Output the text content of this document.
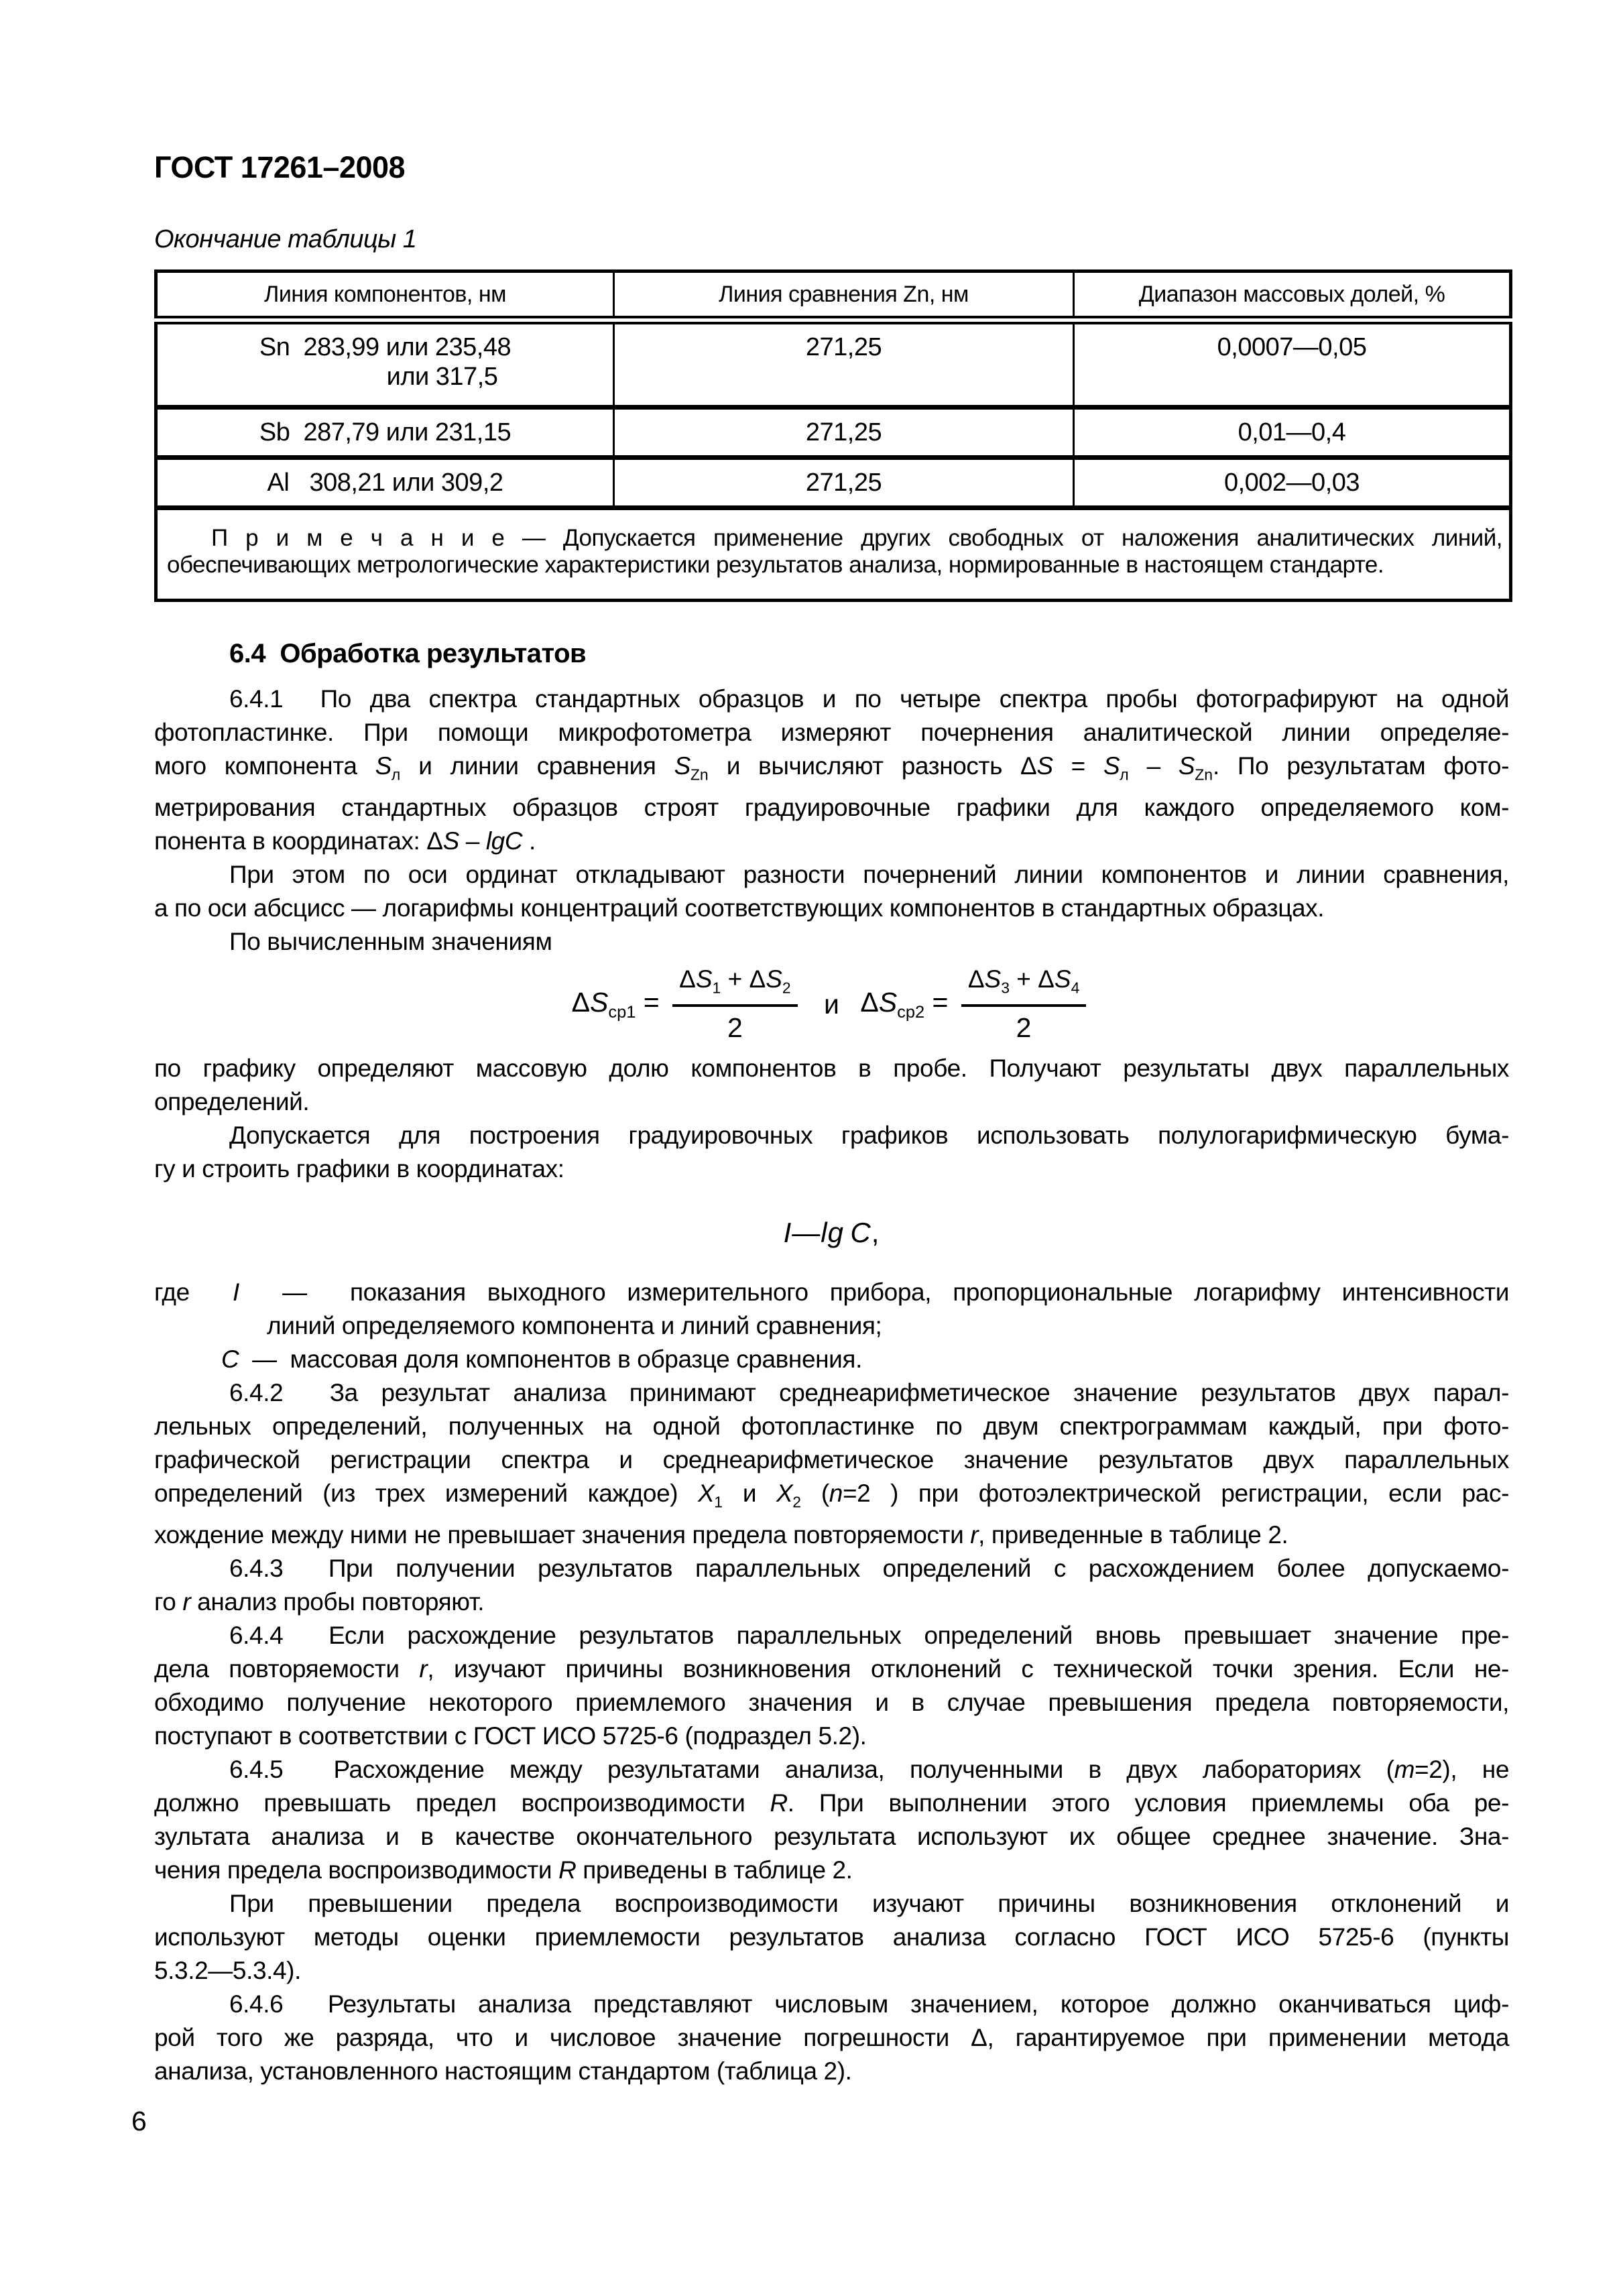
ГОСТ 17261–2008
Окончание таблицы 1
Линия компонентов, нм	Линия сравнения Zn, нм	Диапазон массовых долей, %

Sn  283,99 или 235,48
или 317,5	271,25	0,0007—0,05
Sb  287,79 или 231,15	271,25	0,01—0,4
Al   308,21 или 309,2	271,25	0,002—0,03

П р и м е ч а н и е — Допускается применение других свободных от наложения аналитических линий,
обеспечивающих метрологические характеристики результатов анализа, нормированные в настоящем стандарте.		
6.4  Обработка результатов
6.4.1  По два спектра стандартных образцов и по четыре спектра пробы фотографируют на одной
фотопластинке. При помощи микрофотометра измеряют почернения аналитической линии определяе-
мого компонента $S_л$ и линии сравнения $S_{Zn}$ и вычисляют разность $\Delta S = S_л - S_{Zn}$. По результатам фото-
метрирования стандартных образцов строят градуировочные графики для каждого определяемого ком-
понента в координатах: ΔS – lgC .
При этом по оси ординат откладывают разности почернений линии компонентов и линии сравнения,
а по оси абсцисс — логарифмы концентраций соответствующих компонентов в стандартных образцах.
По вычисленным значениям
$\Delta S_{ср1} = \frac{\Delta S_1 + \Delta S_2}{2}$ и $\Delta S_{ср2} = \frac{\Delta S_3 + \Delta S_4}{2}$
по графику определяют массовую долю компонентов в пробе. Получают результаты двух параллельных
определений.
Допускается для построения градуировочных графиков использовать полулогарифмическую бума-
гу и строить графики в координатах:
I—lg C,
где  I  —  показания выходного измерительного прибора, пропорциональные логарифму интенсивности
линий определяемого компонента и линий сравнения;
С  —  массовая доля компонентов в образце сравнения.
6.4.2  За результат анализа принимают среднеарифметическое значение результатов двух парал-
лельных определений, полученных на одной фотопластинке по двум спектрограммам каждый, при фото-
графической регистрации спектра и среднеарифметическое значение результатов двух параллельных
определений (из трех измерений каждое) $X_1$ и $X_2$ (n=2 ) при фотоэлектрической регистрации, если рас-
хождение между ними не превышает значения предела повторяемости r, приведенные в таблице 2.
6.4.3  При получении результатов параллельных определений с расхождением более допускаемо-
го r анализ пробы повторяют.
6.4.4  Если расхождение результатов параллельных определений вновь превышает значение пре-
дела повторяемости r, изучают причины возникновения отклонений с технической точки зрения. Если не-
обходимо получение некоторого приемлемого значения и в случае превышения предела повторяемости,
поступают в соответствии с ГОСТ ИСО 5725-6 (подраздел 5.2).
6.4.5  Расхождение между результатами анализа, полученными в двух лабораториях (m=2), не
должно превышать предел воспроизводимости R. При выполнении этого условия приемлемы оба ре-
зультата анализа и в качестве окончательного результата используют их общее среднее значение. Зна-
чения предела воспроизводимости R приведены в таблице 2.
При превышении предела воспроизводимости изучают причины возникновения отклонений и
используют методы оценки приемлемости результатов анализа согласно ГОСТ ИСО 5725-6 (пункты
5.3.2—5.3.4).
6.4.6  Результаты анализа представляют числовым значением, которое должно оканчиваться циф-
рой того же разряда, что и числовое значение погрешности Δ, гарантируемое при применении метода
анализа, установленного настоящим стандартом (таблица 2).
6
